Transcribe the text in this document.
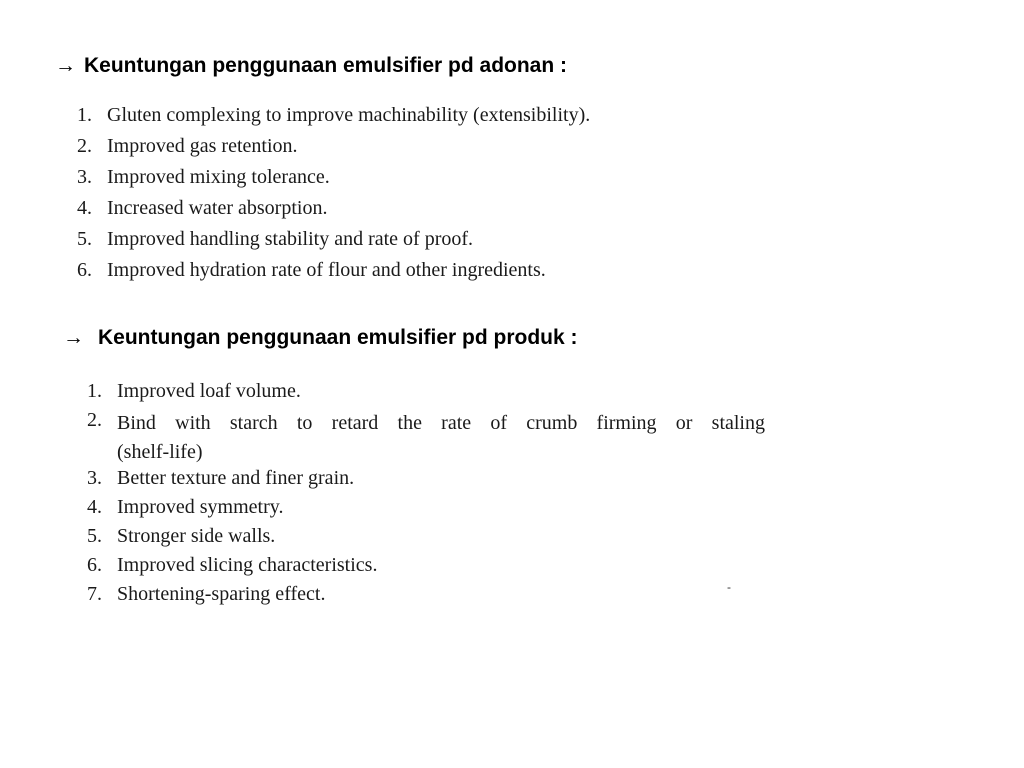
→ Keuntungan penggunaan emulsifier pd adonan :
1. Gluten complexing to improve machinability (extensibility).
2. Improved gas retention.
3. Improved mixing tolerance.
4. Increased water absorption.
5. Improved handling stability and rate of proof.
6. Improved hydration rate of flour and other ingredients.
→ Keuntungan penggunaan emulsifier pd produk :
1. Improved loaf volume.
2. Bind with starch to retard the rate of crumb firming or staling
(shelf-life)
3. Better texture and finer grain.
4. Improved symmetry.
5. Stronger side walls.
6. Improved slicing characteristics.
7. Shortening-sparing effect.	-
